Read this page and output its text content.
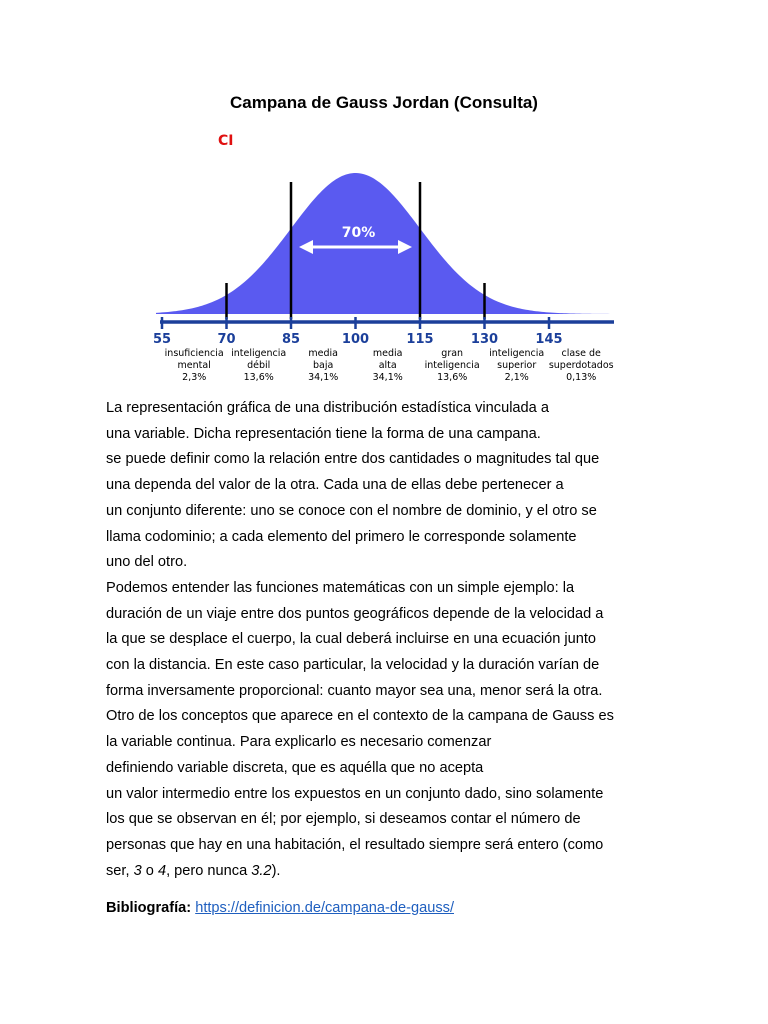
Campana de Gauss Jordan (Consulta)
CI
70%
55	70	85	100	115	130	145
insuficiencia
mental
2,3%
inteligencia
débil
13,6%
media
baja
34,1%
media
alta
34,1%
gran
inteligencia
13,6%
inteligencia
superior
2,1%
clase de
superdotados
0,13%
La representación gráfica de una distribución estadística vinculada a
una variable. Dicha representación tiene la forma de una campana.
se puede definir como la relación entre dos cantidades o magnitudes tal que
una dependa del valor de la otra. Cada una de ellas debe pertenecer a
un conjunto diferente: uno se conoce con el nombre de dominio, y el otro se
llama codominio; a cada elemento del primero le corresponde solamente
uno del otro.
Podemos entender las funciones matemáticas con un simple ejemplo: la
duración de un viaje entre dos puntos geográficos depende de la velocidad a
la que se desplace el cuerpo, la cual deberá incluirse en una ecuación junto
con la distancia. En este caso particular, la velocidad y la duración varían de
forma inversamente proporcional: cuanto mayor sea una, menor será la otra.
Otro de los conceptos que aparece en el contexto de la campana de Gauss es
la variable continua. Para explicarlo es necesario comenzar
definiendo variable discreta, que es aquélla que no acepta
un valor intermedio entre los expuestos en un conjunto dado, sino solamente
los que se observan en él; por ejemplo, si deseamos contar el número de
personas que hay en una habitación, el resultado siempre será entero (como
ser, 3 o 4, pero nunca 3.2).
Bibliografía: https://definicion.de/campana-de-gauss/
